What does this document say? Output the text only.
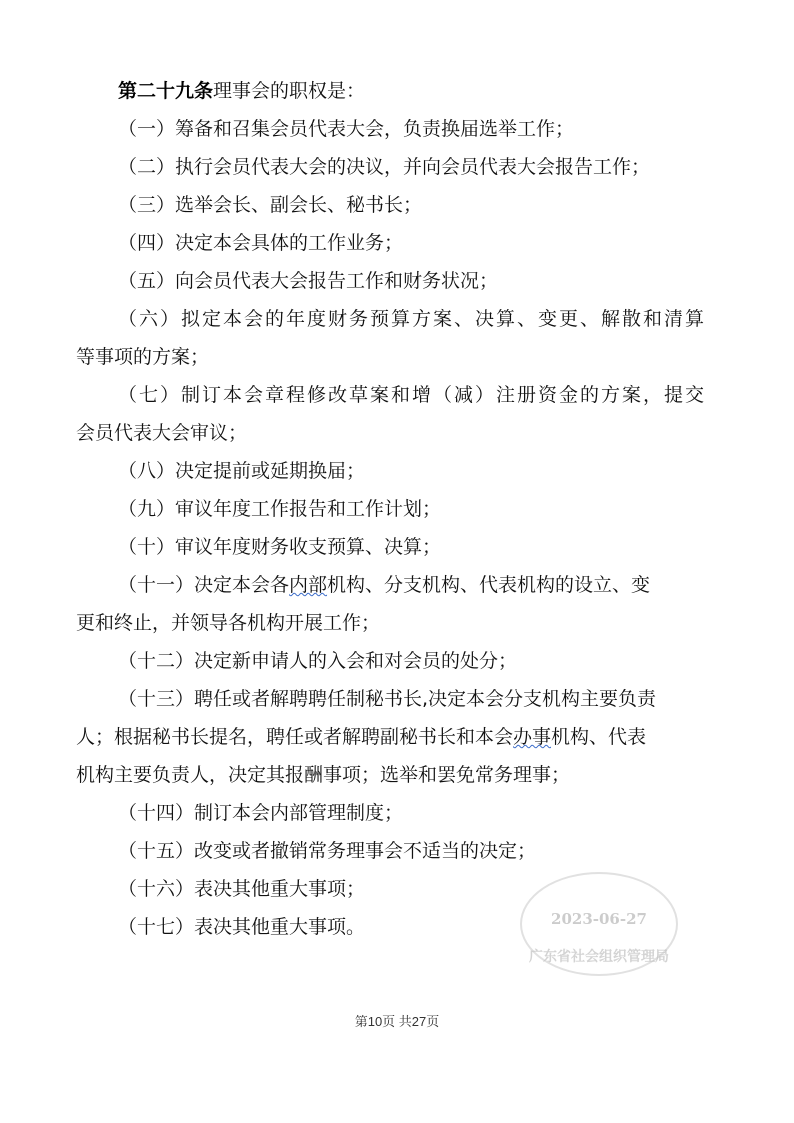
第二十九条理事会的职权是：
（一）筹备和召集会员代表大会，负责换届选举工作；
（二）执行会员代表大会的决议，并向会员代表大会报告工作；
（三）选举会长、副会长、秘书长；
（四）决定本会具体的工作业务；
（五）向会员代表大会报告工作和财务状况；
（六）拟定本会的年度财务预算方案、决算、变更、解散和清算
等事项的方案；
（七）制订本会章程修改草案和增（减）注册资金的方案，提交
会员代表大会审议；
（八）决定提前或延期换届；
（九）审议年度工作报告和工作计划；
（十）审议年度财务收支预算、决算；
（十一）决定本会各内部机构、分支机构、代表机构的设立、变
更和终止，并领导各机构开展工作；
（十二）决定新申请人的入会和对会员的处分；
（十三）聘任或者解聘聘任制秘书长,决定本会分支机构主要负责
人；根据秘书长提名，聘任或者解聘副秘书长和本会办事机构、代表
机构主要负责人，决定其报酬事项；选举和罢免常务理事；
（十四）制订本会内部管理制度；
（十五）改变或者撤销常务理事会不适当的决定；
（十六）表决其他重大事项；
（十七）表决其他重大事项。	2023-06-27
广东省社会组织管理局
第10页 共27页
